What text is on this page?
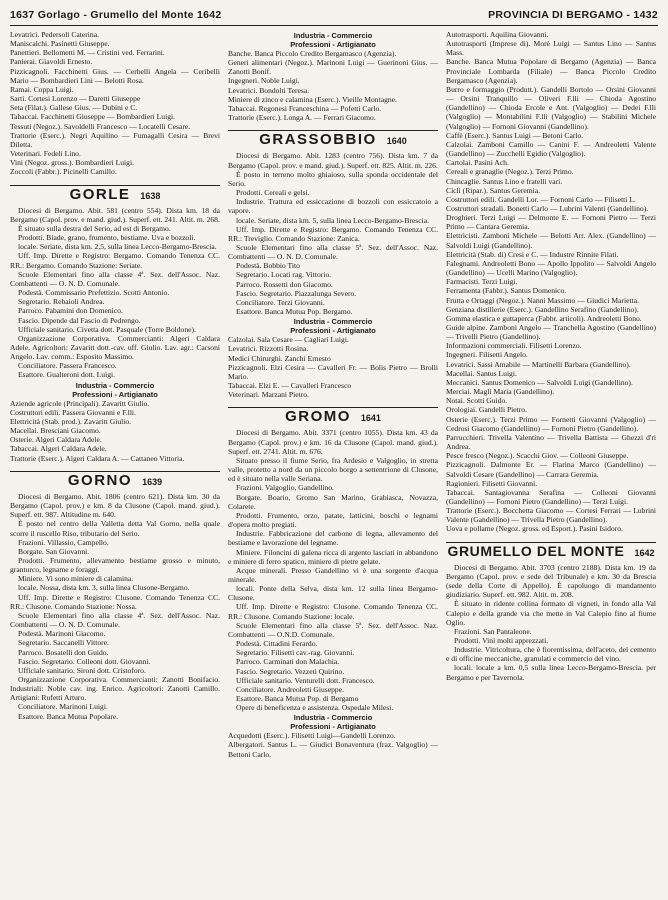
1637 Gorlago - Grumello del Monte 1642	PROVINCIA DI BERGAMO - 1432

Levatrici. Pedersoli Caterina.

Maniscalchi. Pasinetti Giuseppe.

Panettieri. Bellometti M. — Cristini ved. Ferrarini.

Panierai. Giavoldi Ernesto.

Pizzicagnoli. Facchinetti Gius. — Cerbelli Angela — Ceribelli Mario — Bombardieri Lini — Belotti Rosa.

Ramai. Coppa Luigi.

Sarti. Cortesi Lorenzo — Daretti Giuseppe

Seta (Filat.). Gallese Gius. — Dubini e C.

Tabaccai. Facchinetti Giuseppe — Bombardieri Luigi.

Tessuti (Negoz.). Savoldelli Francesco — Locatelli Cesare.

Trattorie (Eserc.). Negri Aquilino — Fumagalli Cesira — Brevi Diletta.

Veterinari. Fedeli Lino.

Vini (Negoz. gross.). Bombardieri Luigi.

Zoccoli (Fabbr.). Picinelli Camillo.

GORLE 1638

Diocesi di Bergamo. Abit. 581 (centro 554). Dista km. 18 da Bergamo (Capol. prov. e mand. giud.). Superf. ett. 241. Altit. m. 268.

È situato sulla destra del Serio, ad est di Bergamo.

Prodotti. Biade, grano, frumento, bestiame. Uva e bozzoli.

locale. Seriate, dista km. 2,5, sulla linea Lecco-Bergamo-Brescia.

Uff. Imp. Dirette e Registro: Bergamo. Comando Tenenza CC. RR.: Bergamo. Comando Stazione: Seriate.

Scuole Elementari fino alla classe 4ª. Sez. dell'Assoc. Naz. Combattenti — O. N. D. Comunale.

Podestà. Commissario Prefettizio. Scotti Antonio.

Segretario. Rebaioli Andrea.

Parroco. Pabamini don Domenico.

Fascio. Dipende dal Fascio di Pedrengo.

Ufficiale sanitario. Civetta dott. Pasquale (Torre Boldone).

Organizzazione Corporativa. Commercianti: Algeri Caldara Adele. Agricoltori: Zavaritt dott.-cav. uff. Giulio. Lav. agr.: Carsoni Angelo. Lav. comm.: Esposito Massimo.

Conciliatore. Passera Francesco.

Esattore. Gualteroni dott. Luigi.

Industria - Commercio
Professioni - Artigianato

Aziende agricole (Principali). Zavaritt Giulio.

Costruttori edili. Passera Giovanni e F.lli.

Elettricità (Stab. prod.). Zavaritt Giulio.

Macellai. Bresciani Giacomo.

Osterie. Algeri Caldara Adele.

Tabaccai. Algeri Caldara Adele.

Trattorie (Eserc.). Algeri Caldara A. — Cattaneo Vittoria.

GORNO 1639

Diocesi di Bergamo. Abit. 1806 (centro 621). Dista km. 30 da Bergamo (Capol. prov.) e km. 8 da Clusone (Capol. mand. giud.). Superf. ett. 987. Altitudine m. 640.

È posto nel centro della Valletta detta Val Gorno, nella quale scorre il ruscello Riso, tributario del Serio.

Frazioni. Villassio, Campello.

Borgate. San Giovanni.

Prodotti. Frumento, allevamento bestiame grosso e minuto, granturco, legname e foraggi.

Miniere. Vi sono miniere di calamina.

locale. Nossa, dista km. 3, sulla linea Clusone-Bergamo.

Uff. Imp. Dirette e Registro: Clusone. Comando Tenenza CC. RR.: Clusone. Comando Stazione: Nossa.

Scuole Elementari fino alla classe 4ª. Sez. dell'Assoc. Naz. Combattenti — O. N. D. Comunale.

Podestà. Marinoni Giacomo.

Segretario. Saccanelli Vittore.

Parroco. Bosatelli don Guido.

Fascio. Segretario. Colleoni dott. Giovanni.

Ufficiale sanitario. Sironi dott. Cristoforo.

Organizzazione Corporativa. Commercianti: Zanotti Bonifacio. Industriali: Noble cav. ing. Enrico. Agricoltori: Zanotti Camillo. Artigiani: Rufetti Arturo.

Conciliatore. Marinoni Luigi.

Esattore. Banca Mutua Popolare.

Industria - Commercio
Professioni - Artigianato

Banche. Banca Piccolo Credito Bergamasco (Agenzia).

Generi alimentari (Negoz.). Marinoni Luigi — Guerinoni Gius. — Zanotti Bonif.

Ingegneri. Noble Luigi.

Levatrici. Bondolti Teresa.

Miniere di zinco e calamina (Eserc.). Vieille Montagne.

Tabaccai. Regonesi Franceschina — Pofetti Carlo.

Trattorie (Eserc.). Longa A. — Ferrari Giacomo.

GRASSOBBIO 1640

Diocesi di Bergamo. Abit. 1283 (centro 756). Dista km. 7 da Bergamo (Capol. prov. e mand. giud.). Superf. ett. 825. Altit. m. 226.

È posto in terreno molto ghiaioso, sulla sponda occidentale del Serio.

Prodotti. Cereali e gelsi.

Industrie. Trattura ed essiccazione di bozzoli con essiccatoio a vapore.

locale. Seriate, dista km. 5, sulla linea Lecco-Bergamo-Brescia.

Uff. Imp. Dirette e Registro: Bergamo. Comando Tenenza CC. RR.: Treviglio. Comando Stazione: Zanica.

Scuole Elementari fino alla classe 5ª. Sez. dell'Assoc. Naz. Combattenti — O. N. D. Comunale.

Podestà. Bobbio Tito

Segretario. Locati rag. Vittorio.

Parroco. Rossetti don Giacomo.

Fascio. Segretario. Piazzalunga Severo.

Conciliatore. Terzi Giovanni.

Esattore. Banca Mutua Pop. Bergamo.

Industria - Commercio
Professioni - Artigianato

Calzolai. Sala Cesare — Cagliari Luigi.

Levatrici. Rizzotti Rosina.

Medici Chirurghi. Zanchi Ernesto

Pizzicagnoli. Elzi Cesira — Cavalleri Fr. — Bolis Pietro — Brolli Mario.

Tabaccai. Elzi E. — Cavalleri Francesco

Veterinari. Marzani Pietro.

GROMO 1641

Diocesi di Bergamo. Abit. 3371 (centro 1055). Dista km. 43 da Bergamo (Capol. prov.) e km. 16 da Clusone (Capol. mand. giud.). Superf. ett. 2741. Altit. m. 676.

Situato presso il fiume Serio, fra Ardesio e Valgoglio, in stretta valle, protetto a nord da un piccolo borgo a settentrione di Clusone, ed è situato nella valle Seriana.

Frazioni. Valgoglio, Gandellino.

Borgate. Boario, Gromo San Marino, Grabiasca, Novazza, Colarete.

Prodotti. Frumento, orzo, patate, latticini, boschi e legnami d'opera molto pregiati.

Industrie. Fabbricazione del carbone di legna, allevamento del bestiame e lavorazione del legname.

Miniere. Filoncini di galena ricca di argento lasciati in abbandono e miniere di ferro spatico, miniere di pietre gelate.

Acque minerali. Presso Gandellino vi è una sorgente d'acqua minerale.

locali. Ponte della Selva, dista km. 12 sulla linea Bergamo-Clusone.

Uff. Imp. Dirette e Registro: Clusone. Comando Tenenza CC. RR.: Clusone. Comando Stazione: locale.

Scuole Elementari fino alla classe 5ª. Sez. dell'Assoc. Naz. Combattenti — O.N.D. Comunale.

Podestà. Cittadini Ferardo.

Segretario. Filisetti cav.-rag. Giovanni.

Parroco. Carminati don Malachia.

Fascio. Segretario. Vezzeti Quirino.

Ufficiale sanitario. Venturelli dott. Francesco.

Conciliatore. Andreoletti Giuseppe.

Esattore. Banca Mutua Pop. di Bergamo

Opere di beneficenza e assistenza. Ospedale Milesi.

Industria - Commercio
Professioni - Artigianato

Acquedotti (Eserc.). Filisetti Luigi—Gandelli Lorenzo.

Albergatori. Santus L. — Giudici Bonaventura (fraz. Valgoglio) — Bettoni Carlo.

Autotrasporti. Aquilina Giovanni.

Autotrasporti (Imprese di). Morè Luigi — Santus Lino — Santus Mass.

Banche. Banca Mutua Popolare di Bergamo (Agenzia) — Banca Provinciale Lombarda (Filiale) — Banca Piccolo Credito Bergamasco (Agenzia).

Burro e formaggio (Produtt.). Gandelli Bortolo — Orsini Giovanni — Orsini Tranquillo — Oliveri F.lli — Chioda Agostino (Gandellino) — Chioda Ercole e Ant. (Valgoglio) — Dedei F.lli (Valgoglio) — Montabilini F.lli (Valgoglio) — Stabilini Michele (Valgoglio) — Fornoni Giovanni (Gandellino).

Caffè (Eserc.). Santus Luigi — Betoni Carlo.

Calzolai. Zambonì Camillo — Canini F. — Andreoletti Valente (Gandellino) — Zucchelli Egidio (Valgoglio).

Cartolai. Pasini Ach.

Cereali e granaglie (Negoz.). Terzi Primo.

Chincaglie. Santus Lino e fratelli vari.

Cicli (Ripar.). Santus Geremia.

Costruttori edili. Gandelli Lor. — Fornoni Carlo — Filisetti L.

Costruttori stradali. Bonetti Carlo — Lubrini Valenti (Gandellino).

Droghieri. Terzi Luigi — Delmonte E. — Fornoni Pietro — Terzi Primo — Cantara Geremia.

Elettricisti. Zambonì Michele — Belotti Arr. Alex. (Gandellino) — Salvoldi Luigi (Gandellino).

Elettricità (Stab. di) Cresi e C. — Industre Rinnite Filati.

Falegnami. Andreoletti Bono — Apollo Ippolito — Salvoldi Angelo (Gandellino) — Ucelli Marino (Valgoglio).

Farmacisti. Terzi Luigi.

Ferramenta (Fabbr.). Santus Domenico.

Frutta e Ortaggi (Negoz.). Nanni Massimo — Giudici Marietta.

Genziana distillerie (Eserc.). Gandellino Serafino (Gandellino).

Gomma elastica e guttaperca (Fabbr. articoli). Andreoletti Bono.

Guide alpine. Zambonì Angelo — Tranchella Agostino (Gandellino) — Trivelli Pietro (Gandellino).

Informazioni commerciali. Filisetti Lorenzo.

Ingegneri. Filisetti Angelo.

Levatrici. Sassi Amabile — Martinelli Barbara (Gandellino).

Macellai. Santus Luigi.

Meccanici. Santus Domenico — Salvoldi Luigi (Gandellino).

Merciai. Magli Maria (Gandellino).

Notai. Scotti Guido.

Orologiai. Gandelli Pietro.

Osterie (Eserc.). Terzi Primo — Fornetti Giovanni (Valgoglio) — Cedrosi Giacomo (Gandellino) — Fornoni Pietro (Gandellino).

Parrucchieri. Trivella Valentino — Trivella Battista — Ghezzi d'ri Andrea.

Pesce fresco (Negoz.). Scacchi Giov. — Colleoni Giuseppe.

Pizzicagnoli. Dalmonte Er. — Flarina Marco (Gandellino) — Salvoldi Cesare (Gandellino) — Carrara Geremia.

Ragionieri. Filisetti Giovanni.

Tabaccai. Santagiovanna Serafina — Colleoni Giovanni (Gandellino) — Fornoni Pietro (Gandellino) — Terzi Luigi.

Trattorie (Eserc.). Bocchetta Giacomo — Cortesi Ferrari — Lubrini Valente (Gandellino) — Trivella Pietro (Gandellino).

Uova e pollame (Negoz. gross. ed Esport.). Pasini Isidoro.

GRUMELLO DEL MONTE 1642

Diocesi di Bergamo. Abit. 3703 (centro 2188). Dista km. 19 da Bergamo (Capol. prov. e sede del Tribunale) e km. 30 da Brescia (sede della Corte di Appello). È capoluogo di mandamento giudiziario. Superf. ett. 982. Altit. m. 208.

È situato in ridente collina formato di vigneti, in fondo alla Val Calepio e della grande via che mette in Val Calepio fino al fiume Oglio.

Frazioni. San Pantaleone.

Prodotti. Vini molti apprezzati.

Industrie. Vitricoltura, che è fiorentissima, dell'aceto, del cemento e di officine meccaniche, granulati e commercio del vino.

locali. locale a km. 0,5 sulla linea Lecco-Bergamo-Brescia. per Bergamo e per Tavernola.
